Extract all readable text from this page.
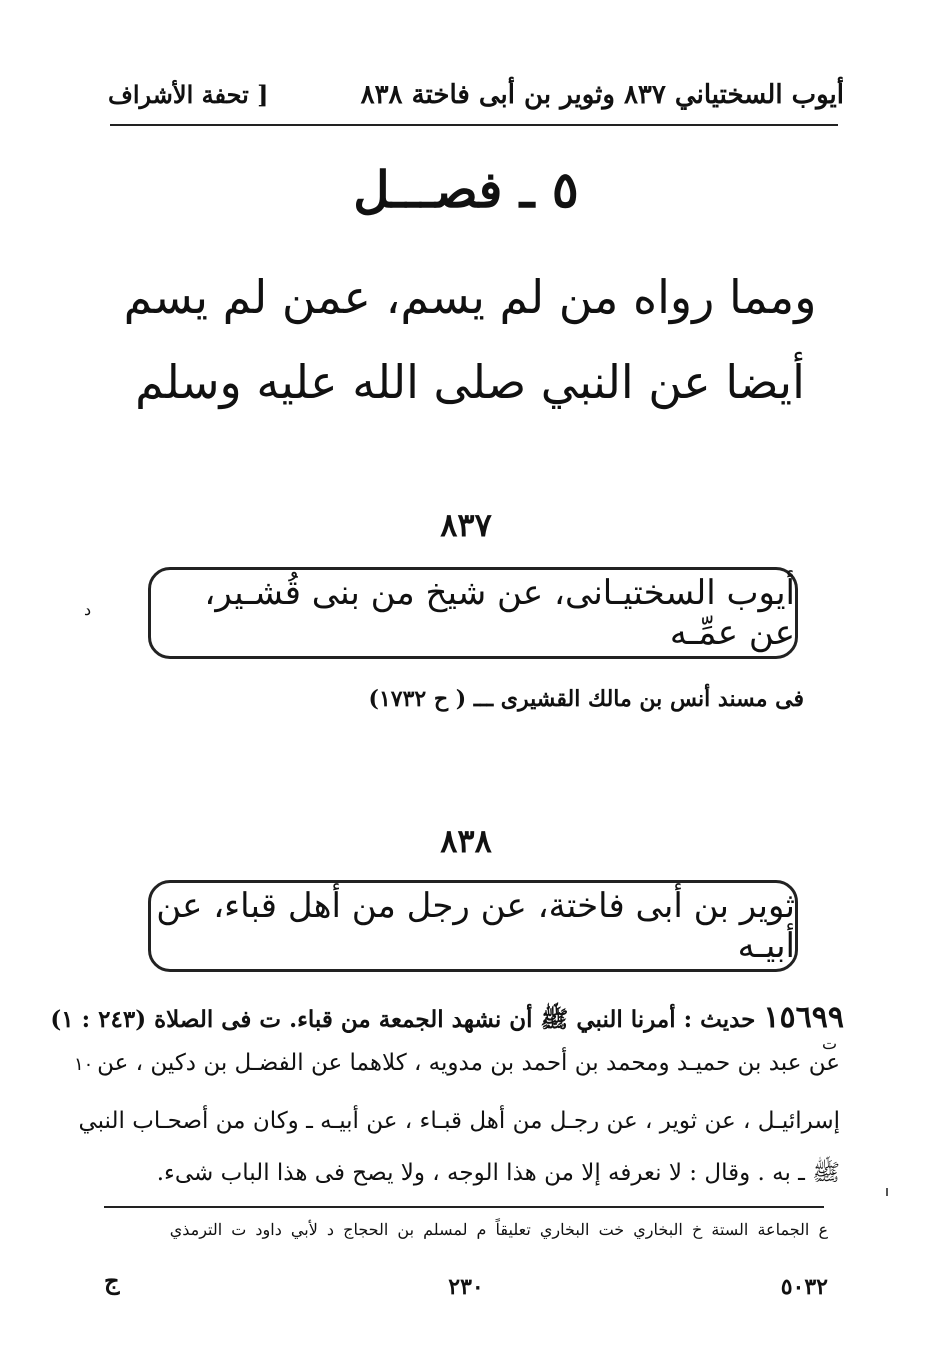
أيوب السختياني ٨٣٧ وثوير بن أبى فاختة ٨٣٨
[ تحفة الأشراف
٥ ـ فصـــل
ومما رواه من لم يسم، عمن لم يسم
أيضا عن النبي صلى الله عليه وسلم
٨٣٧
أيوب السختيـانى، عن شيخ من بنى قُشـير، عن عمِّـه
د
فى مسند أنس بن مالك القشيرى ـــ ( ح ١٧٣٢)
٨٣٨
ثوير بن أبى فاختة، عن رجل من أهل قباء، عن أبيـه
١٥٦٩٩ حديث : أمرنا النبي ﷺ أن نشهد الجمعة من قباء. ت فى الصلاة (٢٤٣ : ١)
ت
عن عبد بن حميـد ومحمد بن أحمد بن مدويه ، كلاهما عن الفضـل بن دكين ، عن
١٠
إسرائيـل ، عن ثوير ، عن رجـل من أهل قبـاء ، عن أبيـه ـ وكان من أصحـاب النبي
ﷺ ـ به . وقال : لا نعرفه إلا من هذا الوجه ، ولا يصح فى هذا الباب شىء.
ع الجماعة الستة خ البخاري خت البخاري تعليقاً م لمسلم بن الحجاج د لأبي داود ت الترمذي
ج	٢٣٠	٥٠٣٢
